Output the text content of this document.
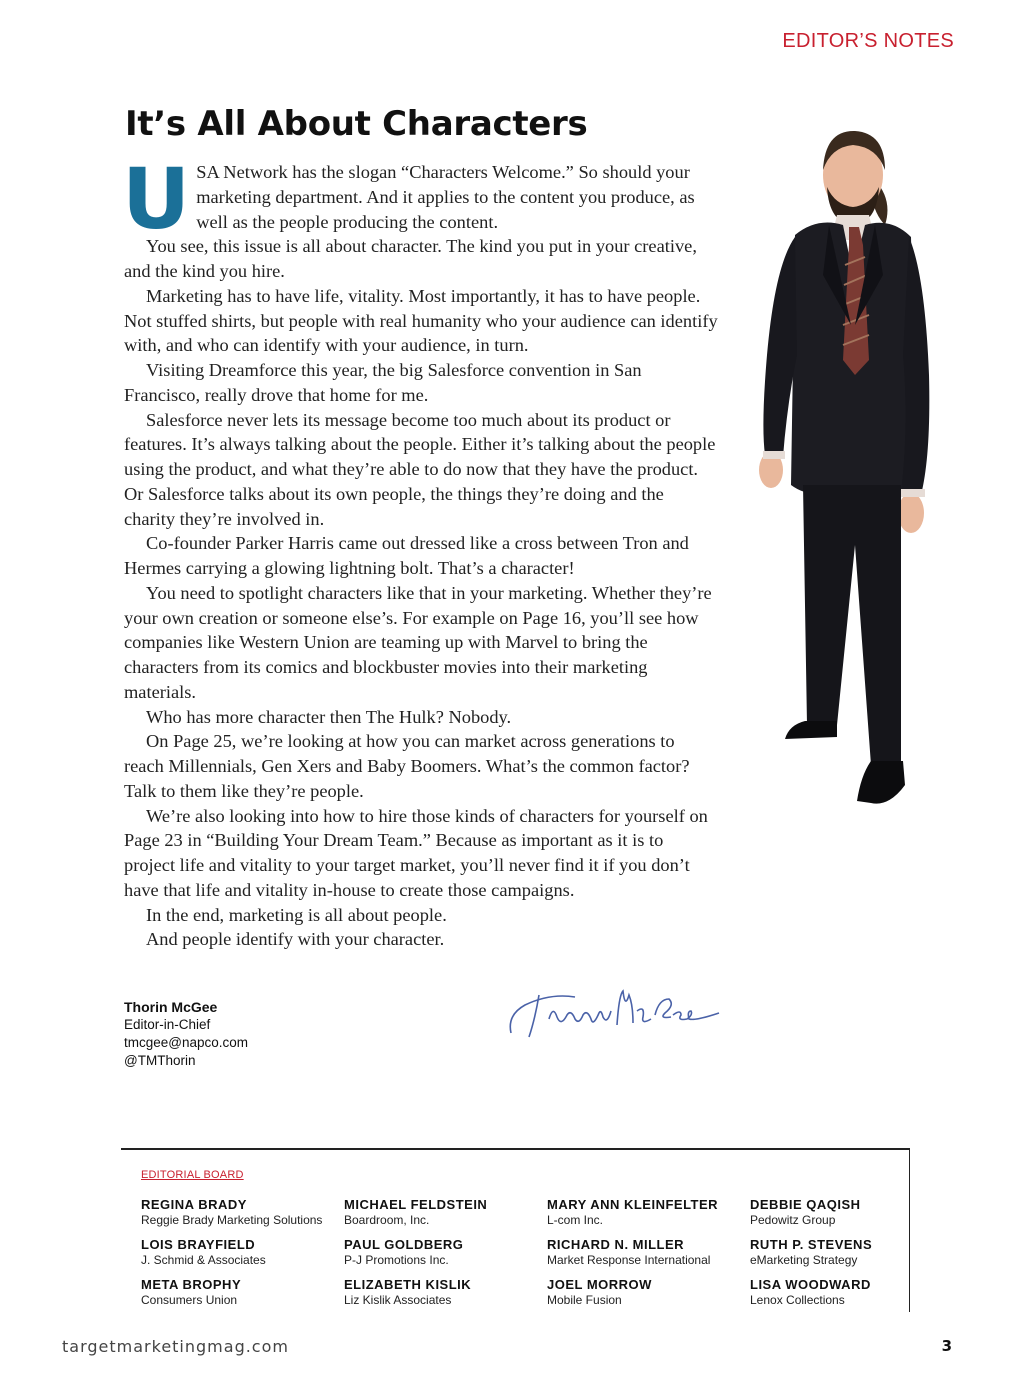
EDITOR’S NOTES
It’s All About Characters

USA Network has the slogan “Characters Welcome.” So should your marketing department. And it applies to the content you produce, as well as the people producing the content.

You see, this issue is all about character. The kind you put in your creative, and the kind you hire.

Marketing has to have life, vitality. Most importantly, it has to have people. Not stuffed shirts, but people with real humanity who your audience can identify with, and who can identify with your audience, in turn.

Visiting Dreamforce this year, the big Salesforce convention in San Francisco, really drove that home for me.

Salesforce never lets its message become too much about its product or features. It’s always talking about the people. Either it’s talking about the people using the product, and what they’re able to do now that they have the product. Or Salesforce talks about its own people, the things they’re doing and the charity they’re involved in.

Co-founder Parker Harris came out dressed like a cross between Tron and Hermes carrying a glowing lightning bolt. That’s a character!

You need to spotlight characters like that in your marketing. Whether they’re your own creation or someone else’s. For example on Page 16, you’ll see how companies like Western Union are teaming up with Marvel to bring the characters from its comics and blockbuster movies into their marketing materials.

Who has more character then The Hulk? Nobody.

On Page 25, we’re looking at how you can market across generations to reach Millennials, Gen Xers and Baby Boomers. What’s the common factor? Talk to them like they’re people.

We’re also looking into how to hire those kinds of characters for yourself on Page 23 in “Building Your Dream Team.” Because as important as it is to project life and vitality to your target market, you’ll never find it if you don’t have that life and vitality in-house to create those campaigns.

In the end, marketing is all about people.

And people identify with your character.

Thorin McGee
Editor-in-Chief
tmcgee@napco.com
@TMThorin
EDITORIAL BOARD
REGINA BRADY
Reggie Brady Marketing Solutions
MICHAEL FELDSTEIN
Boardroom, Inc.
MARY ANN KLEINFELTER
L-com Inc.
DEBBIE QAQISH
Pedowitz Group
LOIS BRAYFIELD
J. Schmid & Associates
PAUL GOLDBERG
P-J Promotions Inc.
RICHARD N. MILLER
Market Response International
RUTH P. STEVENS
eMarketing Strategy
META BROPHY
Consumers Union
ELIZABETH KISLIK
Liz Kislik Associates
JOEL MORROW
Mobile Fusion
LISA WOODWARD
Lenox Collections
targetmarketingmag.com	3
